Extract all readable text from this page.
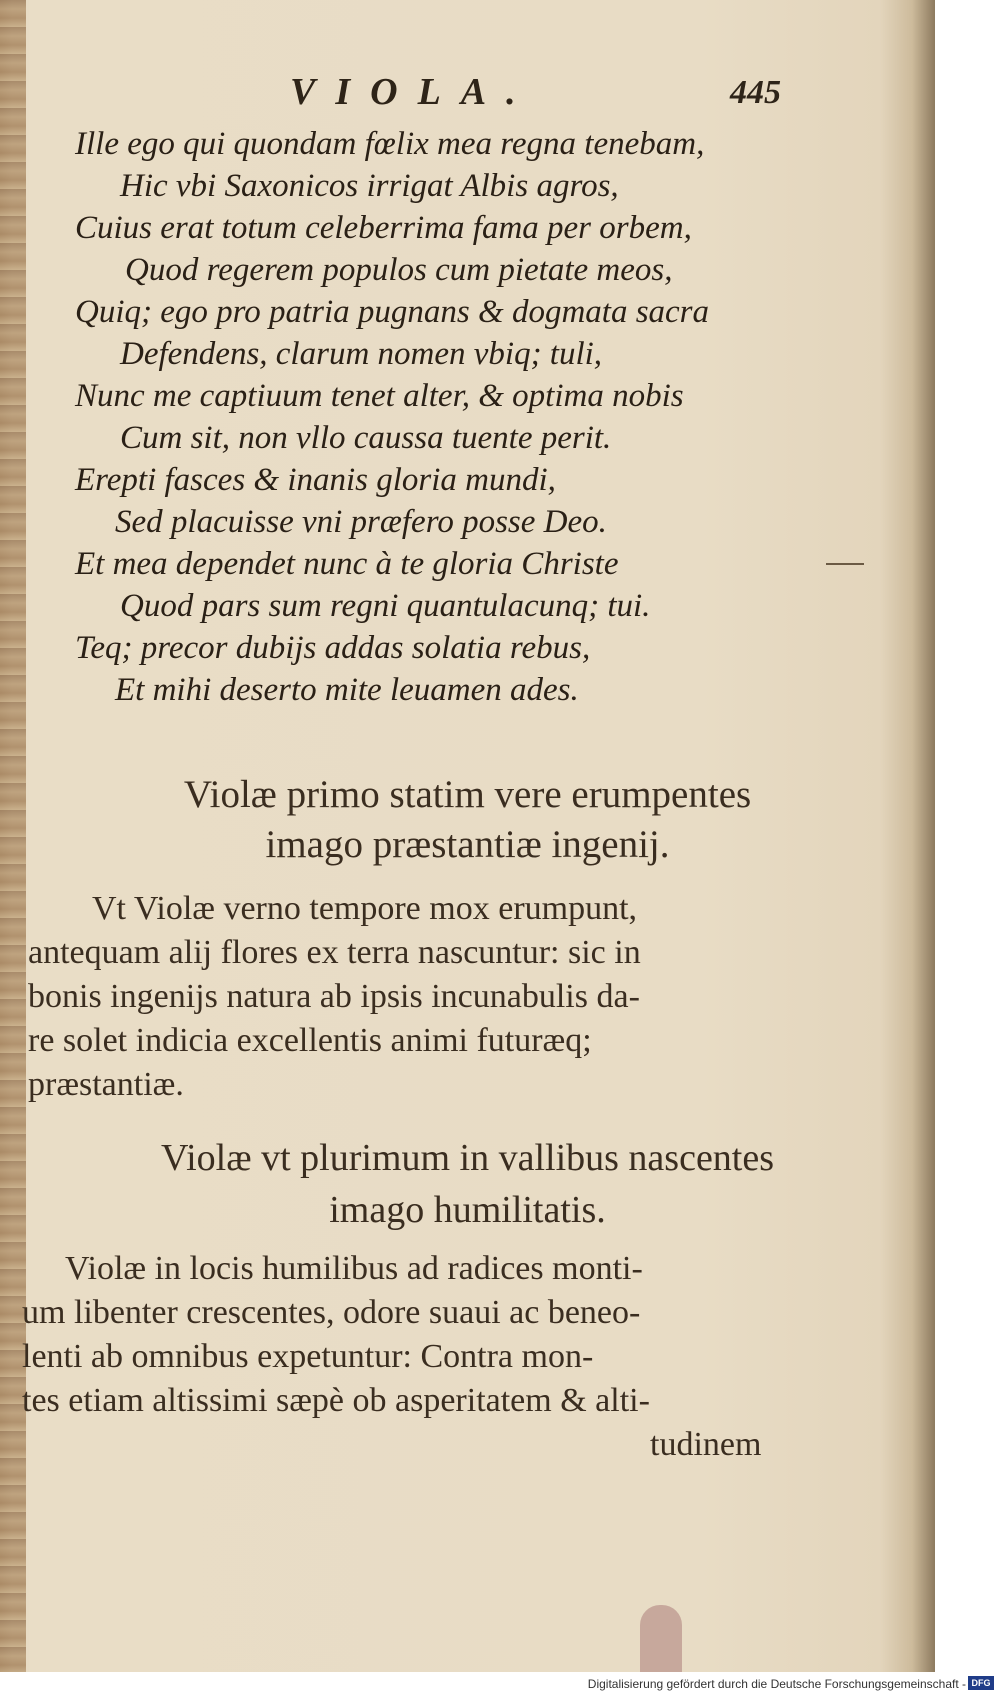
VIOLA.	445
Ille ego qui quondam fœlix mea regna tenebam,
Hic vbi Saxonicos irrigat Albis agros,
Cuius erat totum celeberrima fama per orbem,
Quod regerem populos cum pietate meos,
Quiq; ego pro patria pugnans & dogmata sacra
Defendens, clarum nomen vbiq; tuli,
Nunc me captiuum tenet alter, & optima nobis
Cum sit, non vllo caussa tuente perit.
Erepti fasces & inanis gloria mundi,
Sed placuisse vni præfero posse Deo.
Et mea dependet nunc à te gloria Christe
Quod pars sum regni quantulacunq; tui.
Teq; precor dubijs addas solatia rebus,
Et mihi deserto mite leuamen ades.
Violæ primo statim vere erumpentes
imago præstantiæ ingenij.
Vt Violæ verno tempore mox erumpunt,
antequam alij flores ex terra nascuntur: sic in
bonis ingenijs natura ab ipsis incunabulis da-
re solet indicia excellentis animi futuræq;
præstantiæ.
Violæ vt plurimum in vallibus nascentes
imago humilitatis.
Violæ in locis humilibus ad radices monti-
um libenter crescentes, odore suaui ac beneo-
lenti ab omnibus expetuntur: Contra mon-
tes etiam altissimi sæpè ob asperitatem & alti-
tudinem
Digitalisierung gefördert durch die Deutsche Forschungsgemeinschaft - DFG
